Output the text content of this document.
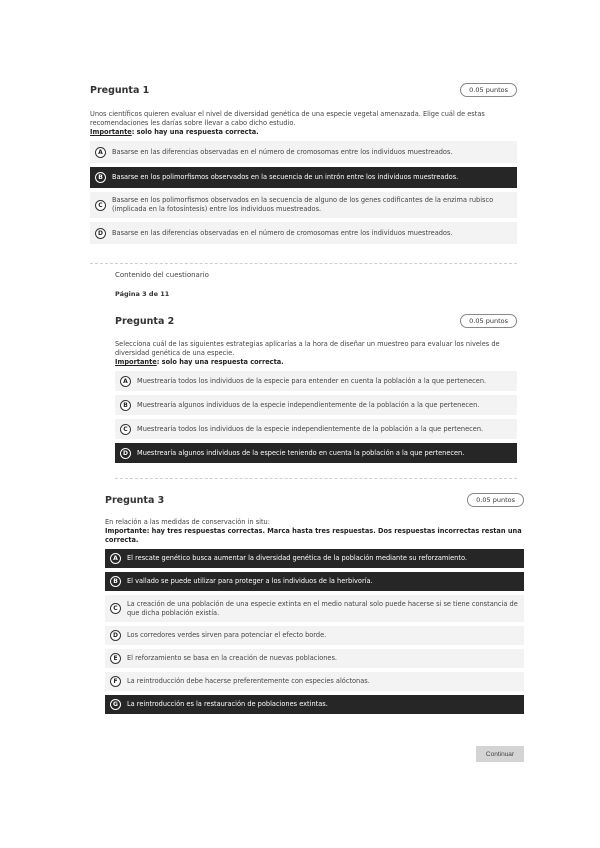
Pregunta 1	0.05 puntos
Unos científicos quieren evaluar el nivel de diversidad genética de una especie vegetal amenazada. Elige cuál de estas recomendaciones les darías sobre llevar a cabo dicho estudio.
Importante: solo hay una respuesta correcta.
A	Basarse en las diferencias observadas en el número de cromosomas entre los individuos muestreados.
B	Basarse en los polimorfismos observados en la secuencia de un intrón entre los individuos muestreados.
C
Basarse en los polimorfismos observados en la secuencia de alguno de los genes codificantes de la enzima rubisco (implicada en la fotosíntesis) entre los individuos muestreados.
D	Basarse en las diferencias observadas en el número de cromosomas entre los individuos muestreados.
Contenido del cuestionario
Página 3 de 11
Pregunta 2	0.05 puntos
Selecciona cuál de las siguientes estrategias aplicarías a la hora de diseñar un muestreo para evaluar los niveles de diversidad genética de una especie.
Importante: solo hay una respuesta correcta.
A	Muestrearía todos los individuos de la especie para entender en cuenta la población a la que pertenecen.
B	Muestrearía algunos individuos de la especie independientemente de la población a la que pertenecen.
C	Muestrearía todos los individuos de la especie independientemente de la población a la que pertenecen.
D	Muestrearía algunos individuos de la especie teniendo en cuenta la población a la que pertenecen.
Pregunta 3	0.05 puntos
En relación a las medidas de conservación in situ:
Importante: hay tres respuestas correctas. Marca hasta tres respuestas. Dos respuestas incorrectas restan una correcta.
A	El rescate genético busca aumentar la diversidad genética de la población mediante su reforzamiento.
B	El vallado se puede utilizar para proteger a los individuos de la herbivoría.
C
La creación de una población de una especie extinta en el medio natural solo puede hacerse si se tiene constancia de que dicha población existía.
D	Los corredores verdes sirven para potenciar el efecto borde.
E	El reforzamiento se basa en la creación de nuevas poblaciones.
F	La reintroducción debe hacerse preferentemente con especies alóctonas.
G	La reintroducción es la restauración de poblaciones extintas.
Continuar
